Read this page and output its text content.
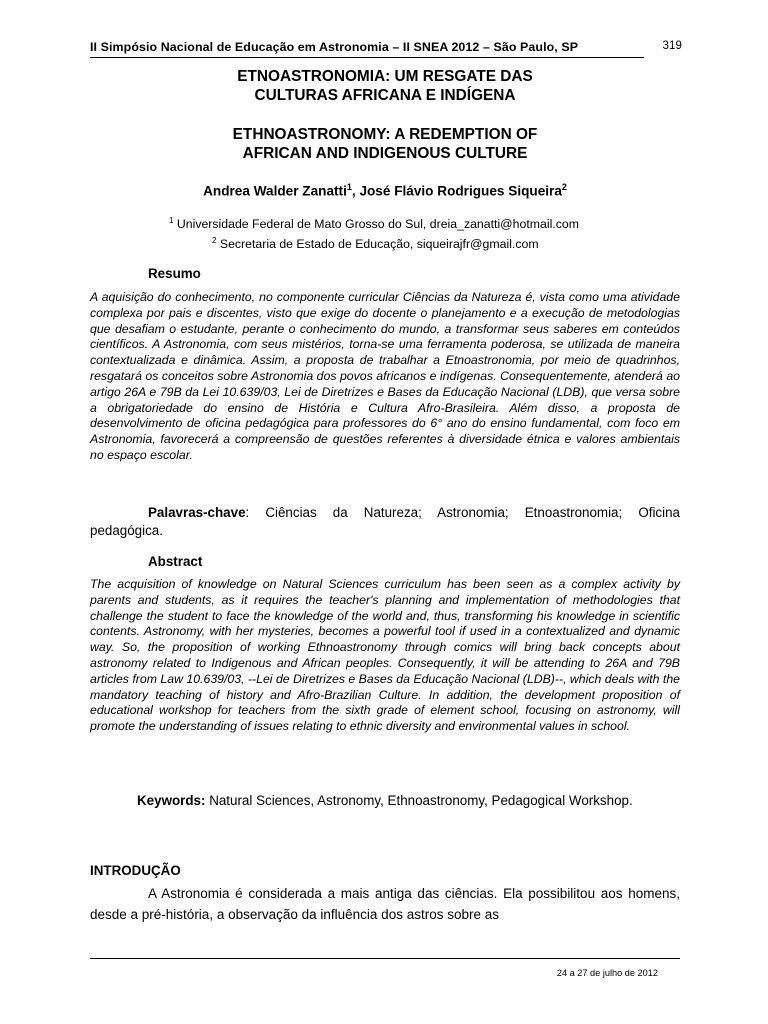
II Simpósio Nacional de Educação em Astronomia – II SNEA 2012 – São Paulo, SP	319
ETNOASTRONOMIA: UM RESGATE DAS
CULTURAS AFRICANA E INDÍGENA
ETHNOASTRONOMY: A REDEMPTION OF
AFRICAN AND INDIGENOUS CULTURE
Andrea Walder Zanatti$^1$, José Flávio Rodrigues Siqueira$^2$
$^1$ Universidade Federal de Mato Grosso do Sul, dreia_zanatti@hotmail.com
$^2$ Secretaria de Estado de Educação, siqueirajfr@gmail.com
Resumo
A aquisição do conhecimento, no componente curricular Ciências da Natureza é, vista como uma atividade complexa por pais e discentes, visto que exige do docente o planejamento e a execução de metodologias que desafiam o estudante, perante o conhecimento do mundo, a transformar seus saberes em conteúdos científicos. A Astronomia, com seus mistérios, torna-se uma ferramenta poderosa, se utilizada de maneira contextualizada e dinâmica. Assim, a proposta de trabalhar a Etnoastronomia, por meio de quadrinhos, resgatará os conceitos sobre Astronomia dos povos africanos e indígenas. Consequentemente, atenderá ao artigo 26A e 79B da Lei 10.639/03, Lei de Diretrizes e Bases da Educação Nacional (LDB), que versa sobre a obrigatoriedade do ensino de História e Cultura Afro-Brasileira. Além disso, a proposta de desenvolvimento de oficina pedagógica para professores do 6° ano do ensino fundamental, com foco em Astronomia, favorecerá a compreensão de questões referentes à diversidade étnica e valores ambientais no espaço escolar.
Palavras-chave: Ciências da Natureza; Astronomia; Etnoastronomia; Oficina pedagógica.
Abstract
The acquisition of knowledge on Natural Sciences curriculum has been seen as a complex activity by parents and students, as it requires the teacher's planning and implementation of methodologies that challenge the student to face the knowledge of the world and, thus, transforming his knowledge in scientific contents. Astronomy, with her mysteries, becomes a powerful tool if used in a contextualized and dynamic way. So, the proposition of working Ethnoastronomy through comics will bring back concepts about astronomy related to Indigenous and African peoples. Consequently, it will be attending to 26A and 79B articles from Law 10.639/03, --Lei de Diretrizes e Bases da Educação Nacional (LDB)--, which deals with the mandatory teaching of history and Afro-Brazilian Culture. In addition, the development proposition of educational workshop for teachers from the sixth grade of element school, focusing on astronomy, will promote the understanding of issues relating to ethnic diversity and environmental values in school.
Keywords: Natural Sciences, Astronomy, Ethnoastronomy, Pedagogical Workshop.
INTRODUÇÃO
A Astronomia é considerada a mais antiga das ciências. Ela possibilitou aos homens, desde a pré-história, a observação da influência dos astros sobre as
24 a 27 de julho de 2012
